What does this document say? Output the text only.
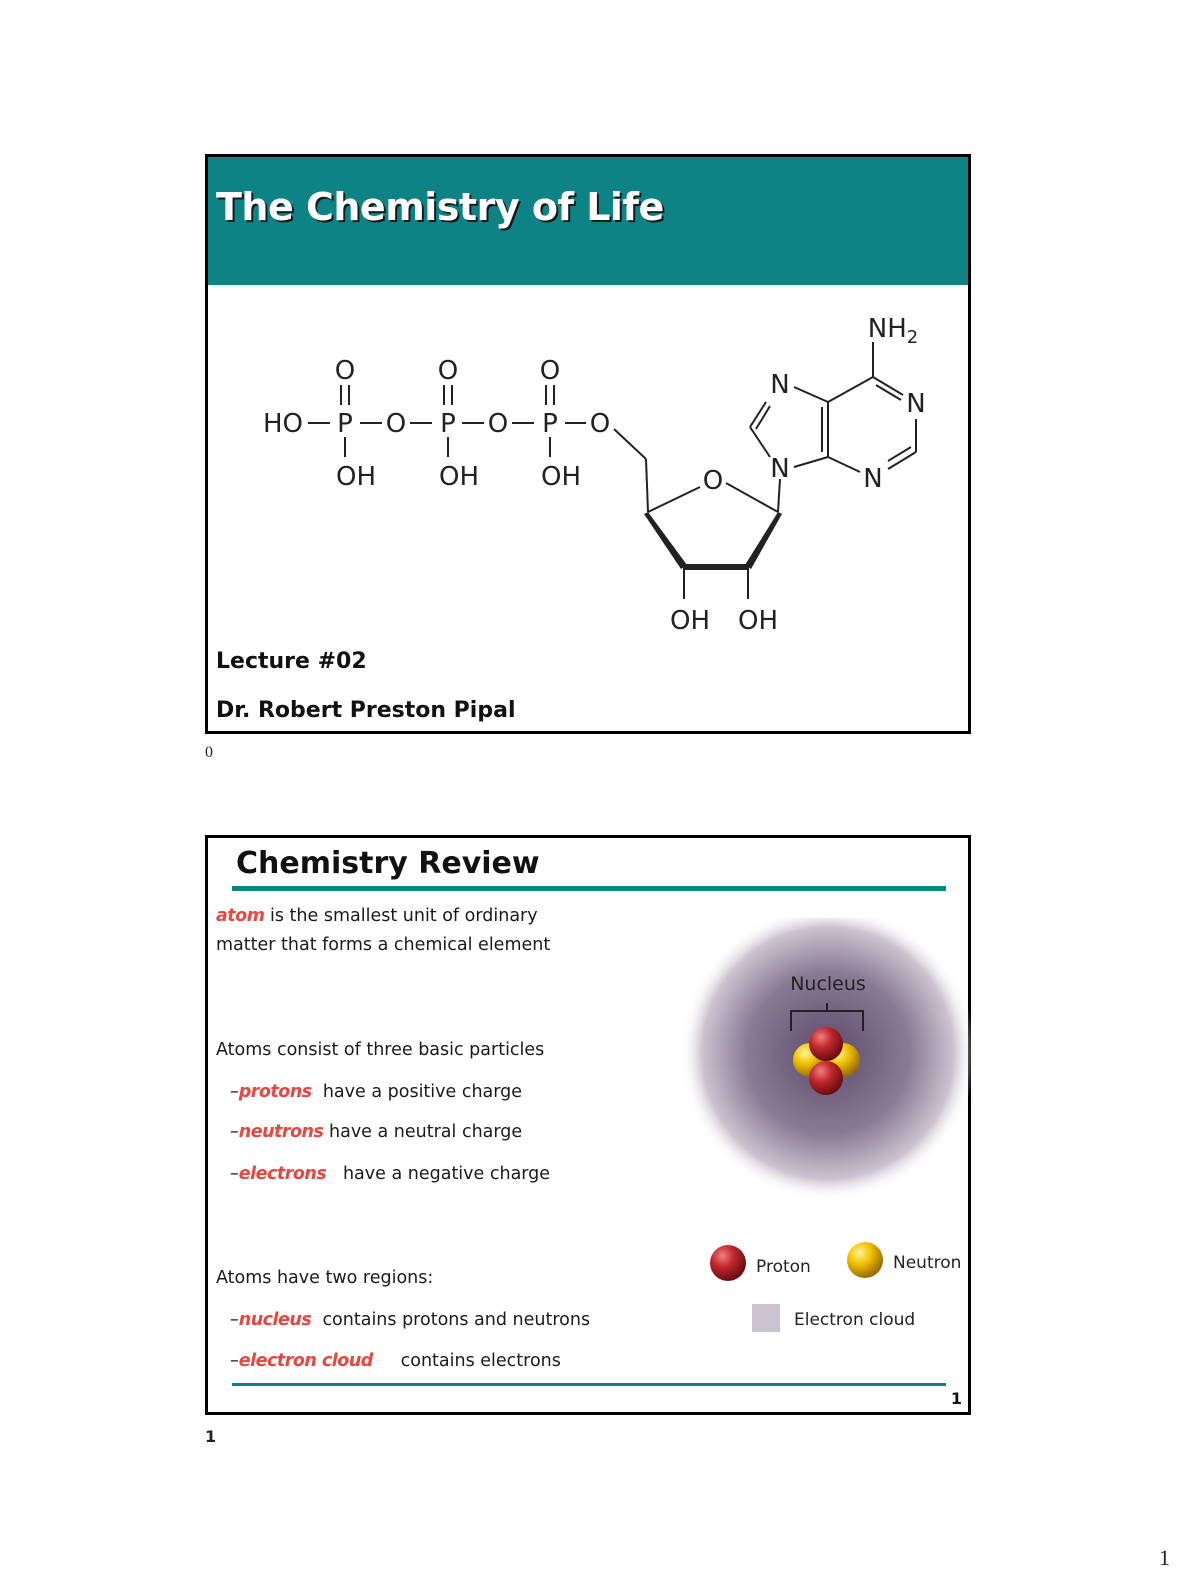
The Chemistry of Life
HO P O P O P O
O	O	O
OH OH OH	O
OH OH
N
N
$NH_2$
N
N
Lecture #02
Dr. Robert Preston Pipal
0
Chemistry Review
atom is the smallest unit of ordinary
matter that forms a chemical element
Atoms consist of three basic particles
–protons have a positive charge
–neutrons have a neutral charge
–electrons have a negative charge
Atoms have two regions:
–nucleus contains protons and neutrons
–electron cloud contains electrons
1
Nucleus
Proton	Neutron
Electron cloud
1
1
